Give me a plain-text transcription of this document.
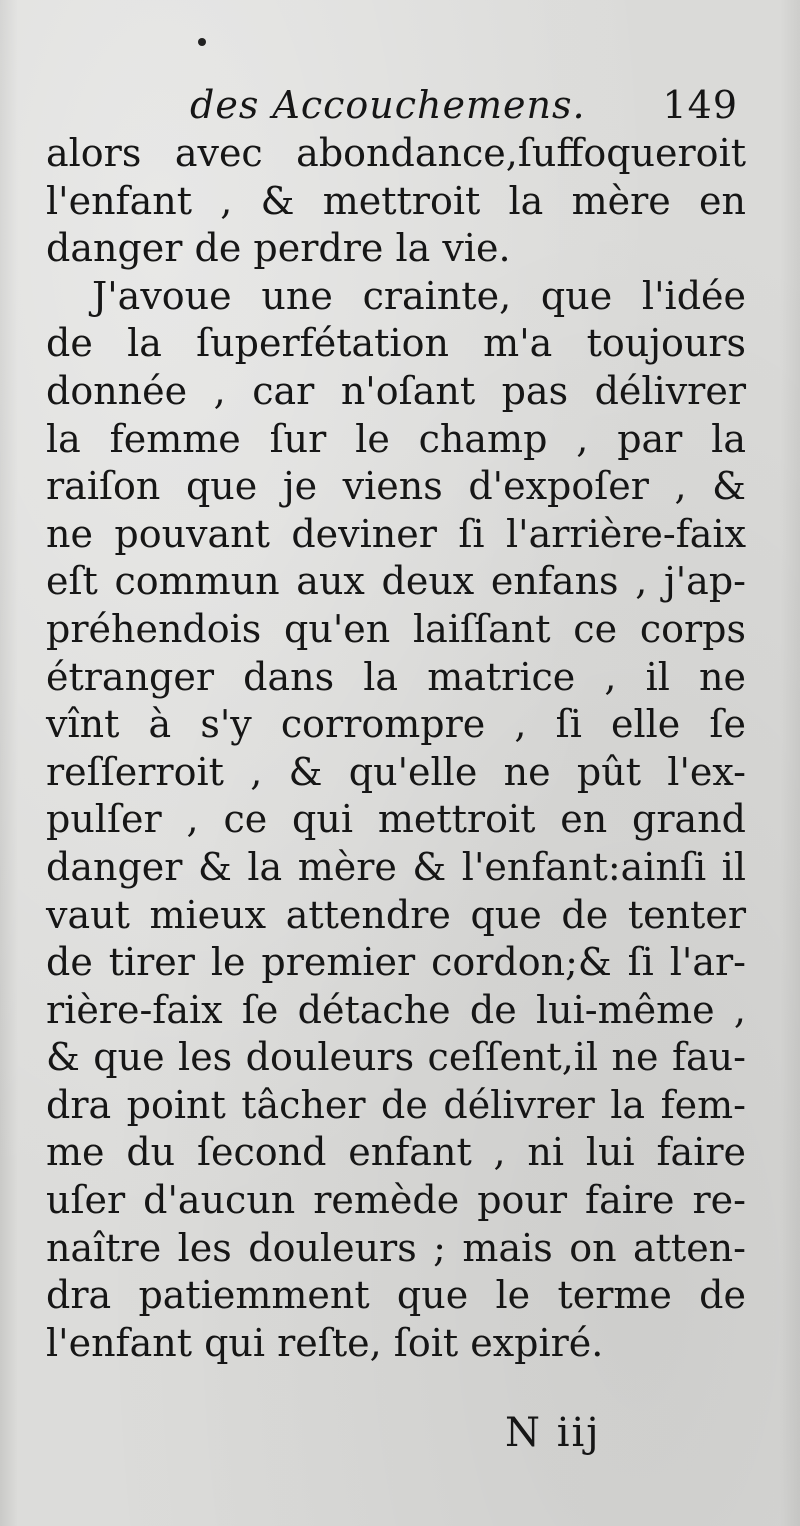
des Accouchemens. 149
alors avec abondance,ſuffoqueroit
l'enfant , & mettroit la mère en
danger de perdre la vie.
J'avoue une crainte, que l'idée
de la ſuperfétation m'a toujours
donnée , car n'oſant pas délivrer
la femme ſur le champ , par la
raiſon que je viens d'expoſer , &
ne pouvant deviner ſi l'arrière-faix
eſt commun aux deux enfans , j'ap-
préhendois qu'en laiſſant ce corps
étranger dans la matrice , il ne
vînt à s'y corrompre , ſi elle ſe
reſſerroit , & qu'elle ne pût l'ex-
pulſer , ce qui mettroit en grand
danger & la mère & l'enfant:ainſi il
vaut mieux attendre que de tenter
de tirer le premier cordon;& ſi l'ar-
rière-faix ſe détache de lui-même ,
& que les douleurs ceſſent,il ne fau-
dra point tâcher de délivrer la fem-
me du ſecond enfant , ni lui faire
uſer d'aucun remède pour faire re-
naître les douleurs ; mais on atten-
dra patiemment que le terme de
l'enfant qui reſte, ſoit expiré.
N iij
